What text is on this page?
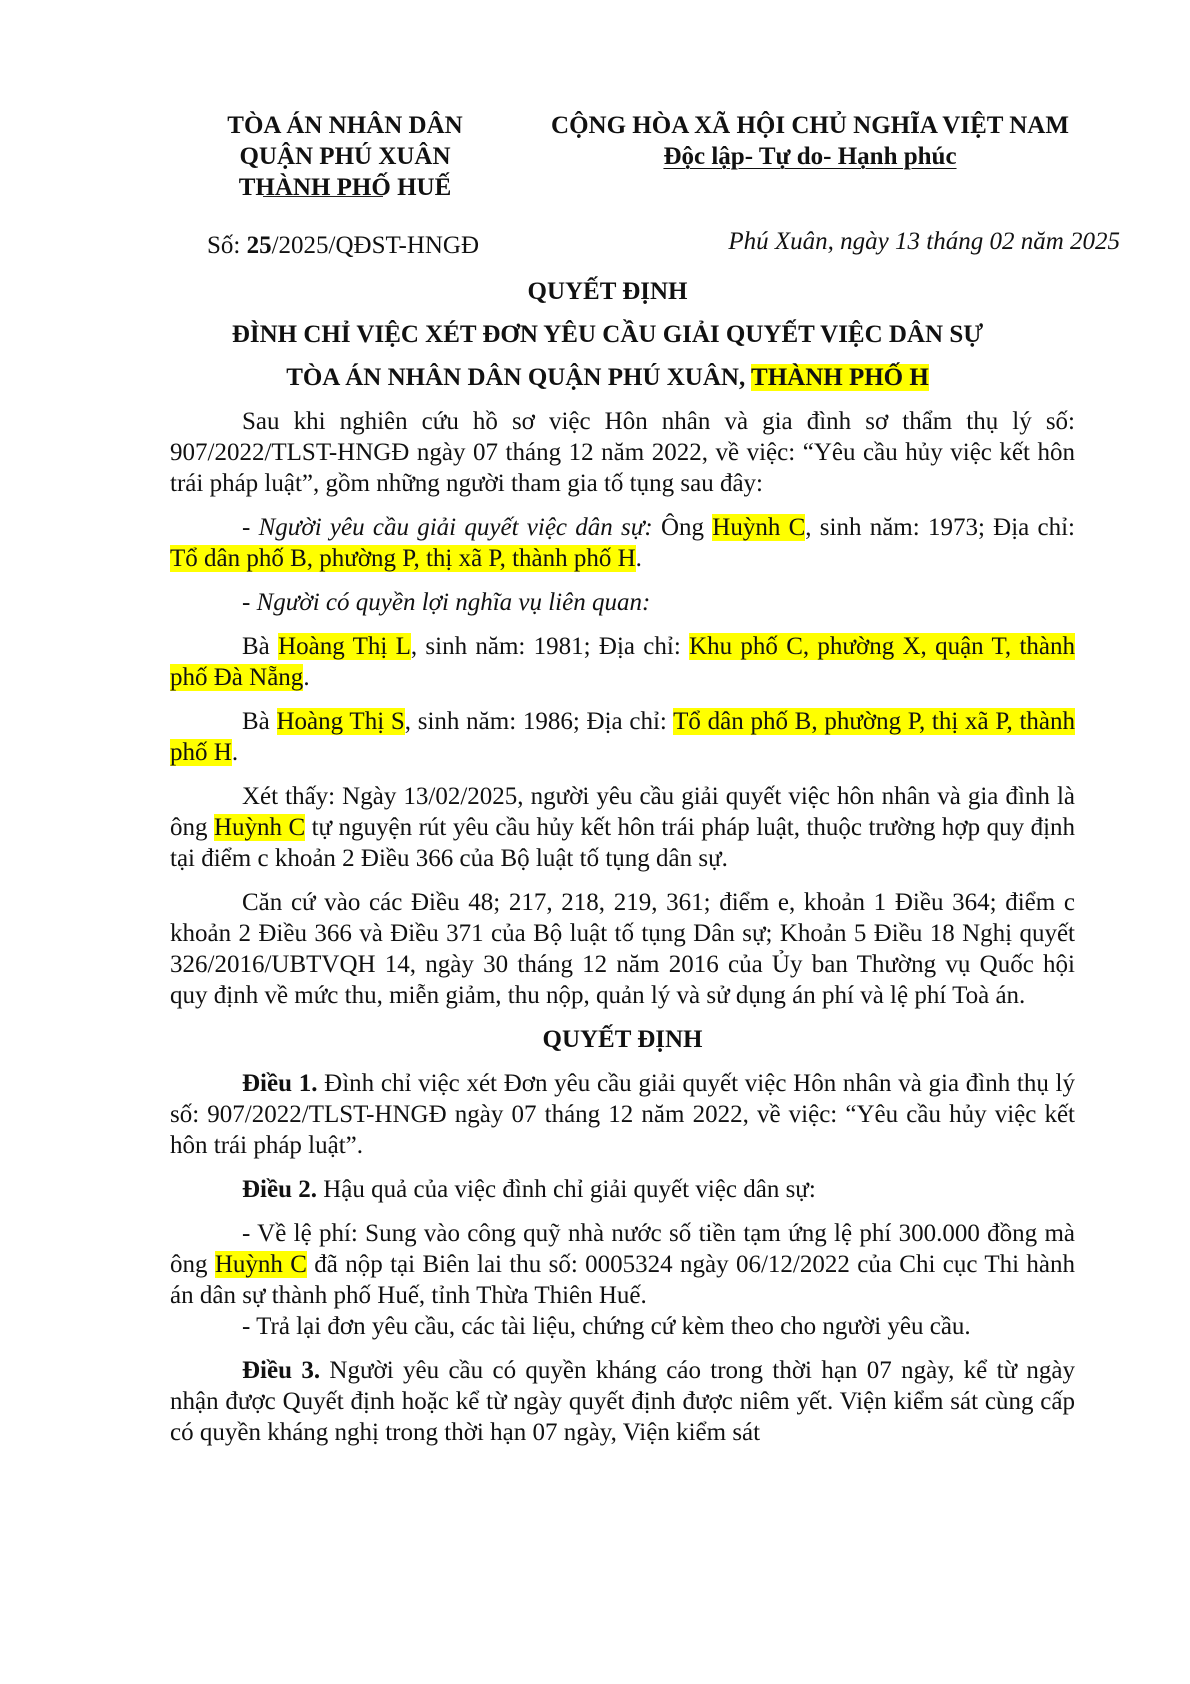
TÒA ÁN NHÂN DÂN
QUẬN PHÚ XUÂN
THÀNH PHỐ HUẾ
CỘNG HÒA XÃ HỘI CHỦ NGHĨA VIỆT NAM
Độc lập- Tự do- Hạnh phúc
Số: 25/2025/QĐST-HNGĐ	Phú Xuân, ngày 13 tháng 02 năm 2025
QUYẾT ĐỊNH
ĐÌNH CHỈ VIỆC XÉT ĐƠN YÊU CẦU GIẢI QUYẾT VIỆC DÂN SỰ
TÒA ÁN NHÂN DÂN QUẬN PHÚ XUÂN, THÀNH PHỐ H

Sau khi nghiên cứu hồ sơ việc Hôn nhân và gia đình sơ thẩm thụ lý số: 907/2022/TLST-HNGĐ ngày 07 tháng 12 năm 2022, về việc: “Yêu cầu hủy việc kết hôn trái pháp luật”, gồm những người tham gia tố tụng sau đây:

- Người yêu cầu giải quyết việc dân sự: Ông Huỳnh C, sinh năm: 1973; Địa chỉ: Tổ dân phố B, phường P, thị xã P, thành phố H.

- Người có quyền lợi nghĩa vụ liên quan:

Bà Hoàng Thị L, sinh năm: 1981; Địa chỉ: Khu phố C, phường X, quận T, thành phố Đà Nẵng.

Bà Hoàng Thị S, sinh năm: 1986; Địa chỉ: Tổ dân phố B, phường P, thị xã P, thành phố H.

Xét thấy: Ngày 13/02/2025, người yêu cầu giải quyết việc hôn nhân và gia đình là ông Huỳnh C tự nguyện rút yêu cầu hủy kết hôn trái pháp luật, thuộc trường hợp quy định tại điểm c khoản 2 Điều 366 của Bộ luật tố tụng dân sự.

Căn cứ vào các Điều 48; 217, 218, 219, 361; điểm e, khoản 1 Điều 364; điểm c khoản 2 Điều 366 và Điều 371 của Bộ luật tố tụng Dân sự; Khoản 5 Điều 18 Nghị quyết 326/2016/UBTVQH 14, ngày 30 tháng 12 năm 2016 của Ủy ban Thường vụ Quốc hội quy định về mức thu, miễn giảm, thu nộp, quản lý và sử dụng án phí và lệ phí Toà án.

QUYẾT ĐỊNH

Điều 1. Đình chỉ việc xét Đơn yêu cầu giải quyết việc Hôn nhân và gia đình thụ lý số: 907/2022/TLST-HNGĐ ngày 07 tháng 12 năm 2022, về việc: “Yêu cầu hủy việc kết hôn trái pháp luật”.

Điều 2. Hậu quả của việc đình chỉ giải quyết việc dân sự:

- Về lệ phí: Sung vào công quỹ nhà nước số tiền tạm ứng lệ phí 300.000 đồng mà ông Huỳnh C đã nộp tại Biên lai thu số: 0005324 ngày 06/12/2022 của Chi cục Thi hành án dân sự thành phố Huế, tỉnh Thừa Thiên Huế.

- Trả lại đơn yêu cầu, các tài liệu, chứng cứ kèm theo cho người yêu cầu.

Điều 3. Người yêu cầu có quyền kháng cáo trong thời hạn 07 ngày, kể từ ngày nhận được Quyết định hoặc kể từ ngày quyết định được niêm yết. Viện kiểm sát cùng cấp có quyền kháng nghị trong thời hạn 07 ngày, Viện kiểm sát
